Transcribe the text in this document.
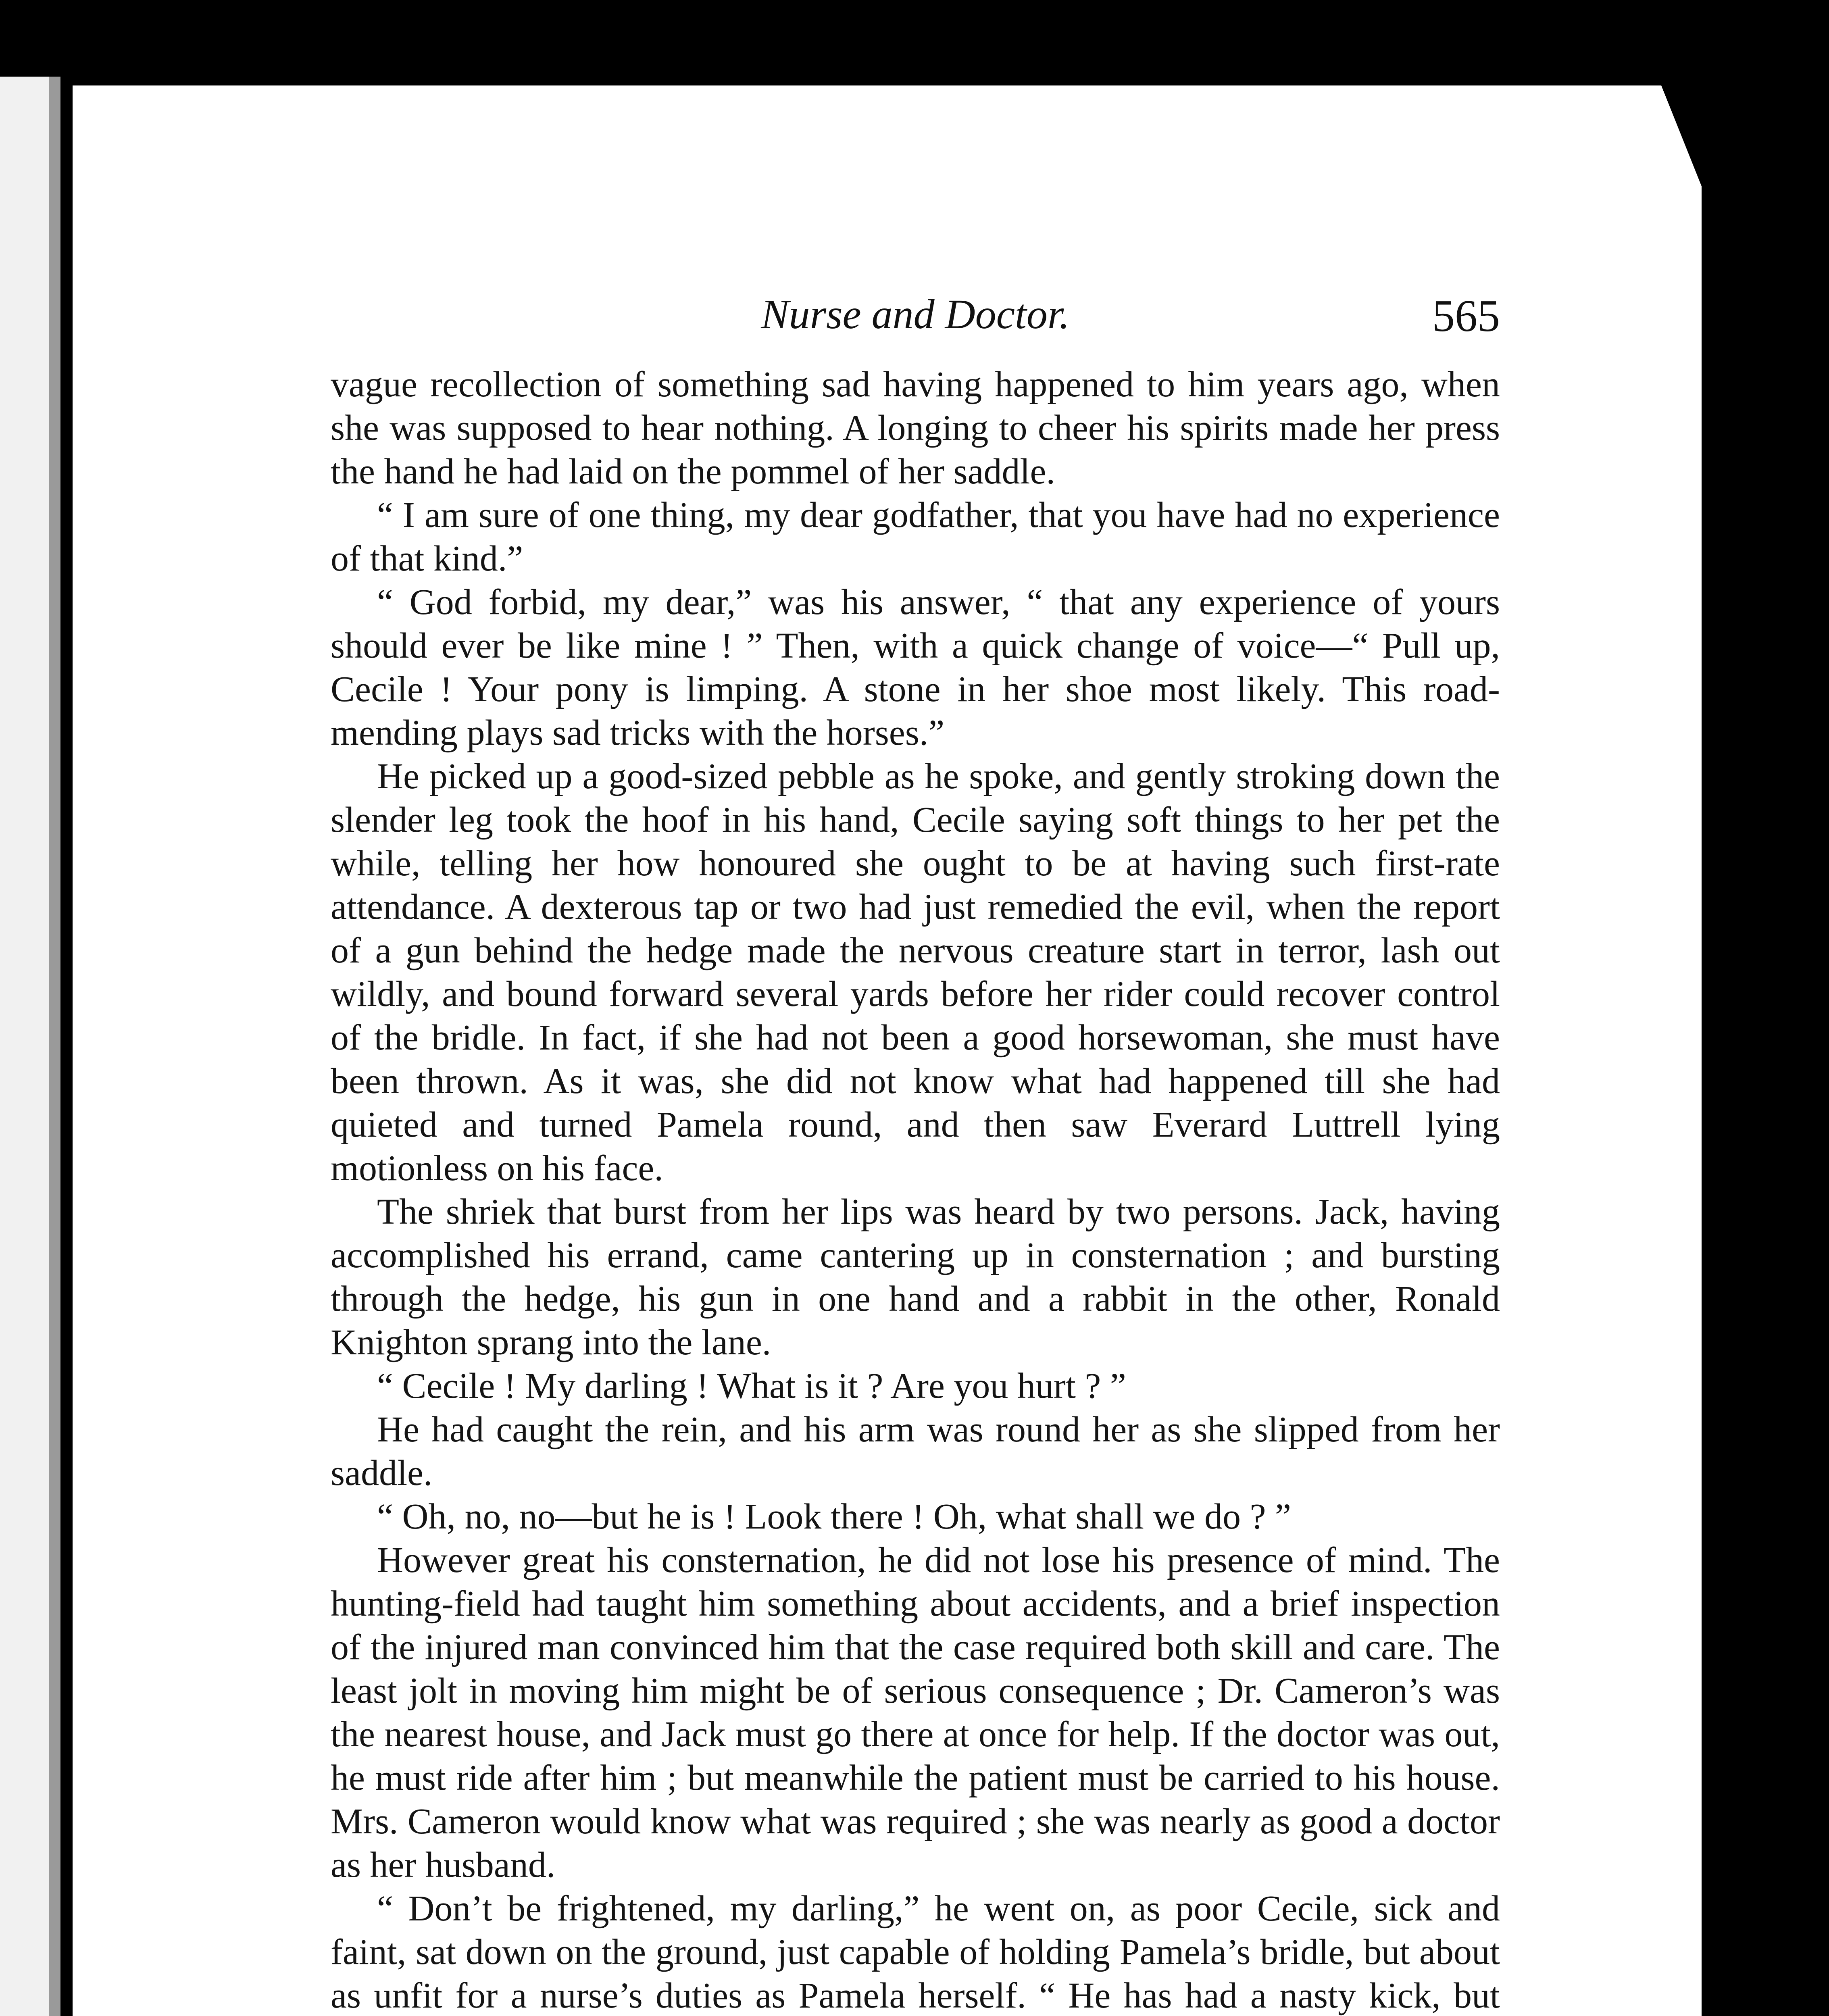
Nurse and Doctor.	565

vague recollection of something sad having happened to him years ago, when she was supposed to hear nothing. A longing to cheer his spirits made her press the hand he had laid on the pommel of her saddle.

“ I am sure of one thing, my dear godfather, that you have had no experience of that kind.”

“ God forbid, my dear,” was his answer, “ that any experience of yours should ever be like mine ! ” Then, with a quick change of voice—“ Pull up, Cecile ! Your pony is limping. A stone in her shoe most likely. This road-mending plays sad tricks with the horses.”

He picked up a good-sized pebble as he spoke, and gently stroking down the slender leg took the hoof in his hand, Cecile saying soft things to her pet the while, telling her how honoured she ought to be at having such first-rate attendance. A dexterous tap or two had just remedied the evil, when the report of a gun behind the hedge made the nervous creature start in terror, lash out wildly, and bound forward several yards before her rider could recover control of the bridle. In fact, if she had not been a good horsewoman, she must have been thrown. As it was, she did not know what had happened till she had quieted and turned Pamela round, and then saw Everard Luttrell lying motionless on his face.

The shriek that burst from her lips was heard by two persons. Jack, having accomplished his errand, came cantering up in consternation ; and bursting through the hedge, his gun in one hand and a rabbit in the other, Ronald Knighton sprang into the lane.

“ Cecile ! My darling ! What is it ? Are you hurt ? ”

He had caught the rein, and his arm was round her as she slipped from her saddle.

“ Oh, no, no—but he is ! Look there ! Oh, what shall we do ? ”

However great his consternation, he did not lose his presence of mind. The hunting-field had taught him something about accidents, and a brief inspection of the injured man convinced him that the case required both skill and care. The least jolt in moving him might be of serious consequence ; Dr. Cameron’s was the nearest house, and Jack must go there at once for help. If the doctor was out, he must ride after him ; but meanwhile the patient must be carried to his house. Mrs. Cameron would know what was required ; she was nearly as good a doctor as her husband.

“ Don’t be frightened, my darling,” he went on, as poor Cecile, sick and faint, sat down on the ground, just capable of holding Pamela’s bridle, but about as unfit for a nurse’s duties as Pamela herself. “ He has had a nasty kick, but
